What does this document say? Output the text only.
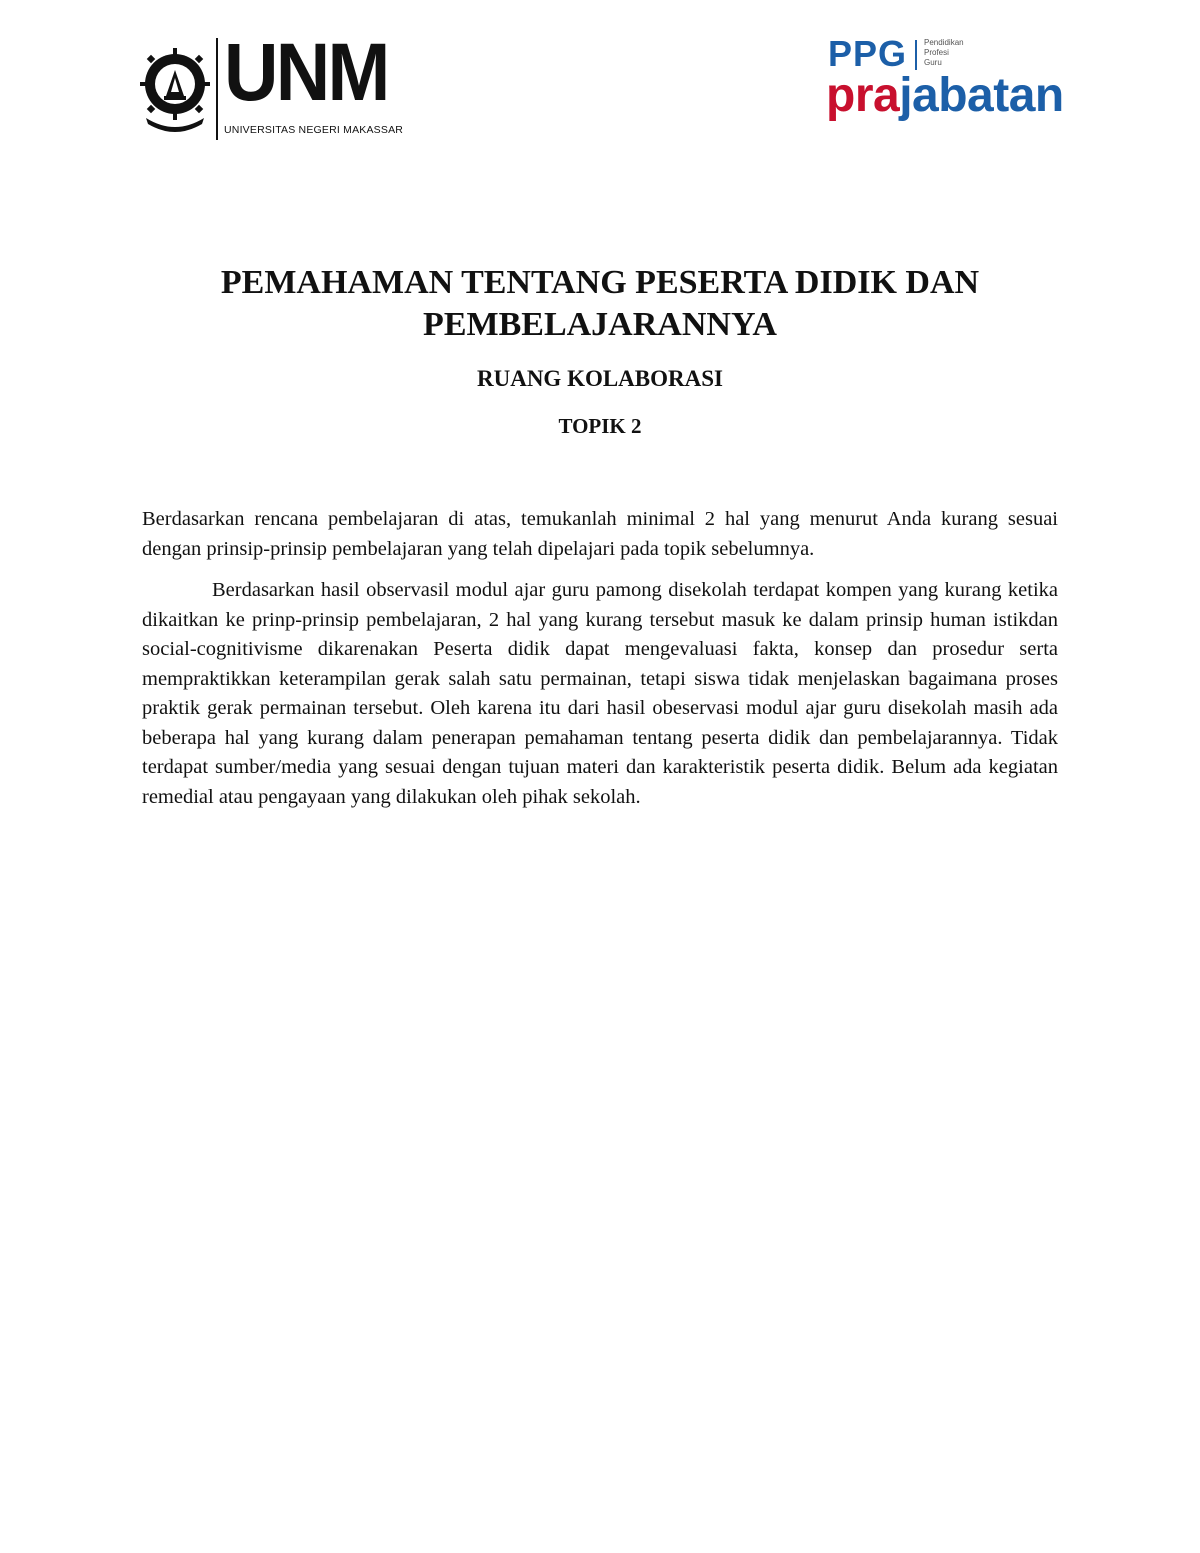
UNM
UNIVERSITAS NEGERI MAKASSAR
PPG Pendidikan
Profesi
Guru
prajabatan
PEMAHAMAN TENTANG PESERTA DIDIK DAN PEMBELAJARANNYA
RUANG KOLABORASI
TOPIK 2

Berdasarkan rencana pembelajaran di atas, temukanlah minimal 2 hal yang menurut Anda kurang sesuai dengan prinsip-prinsip pembelajaran yang telah dipelajari pada topik sebelumnya.

Berdasarkan hasil observasil modul ajar guru pamong disekolah terdapat kompen yang kurang ketika dikaitkan ke prinp-prinsip pembelajaran, 2 hal yang kurang tersebut masuk ke dalam prinsip human istikdan social-cognitivisme dikarenakan Peserta didik dapat mengevaluasi fakta, konsep dan prosedur serta mempraktikkan keterampilan gerak salah satu permainan, tetapi siswa tidak menjelaskan bagaimana proses praktik gerak permainan tersebut. Oleh karena itu dari hasil obeservasi modul ajar guru disekolah masih ada beberapa hal yang kurang dalam penerapan pemahaman tentang peserta didik dan pembelajarannya. Tidak terdapat sumber/media yang sesuai dengan tujuan materi dan karakteristik peserta didik. Belum ada kegiatan remedial atau pengayaan yang dilakukan oleh pihak sekolah.
